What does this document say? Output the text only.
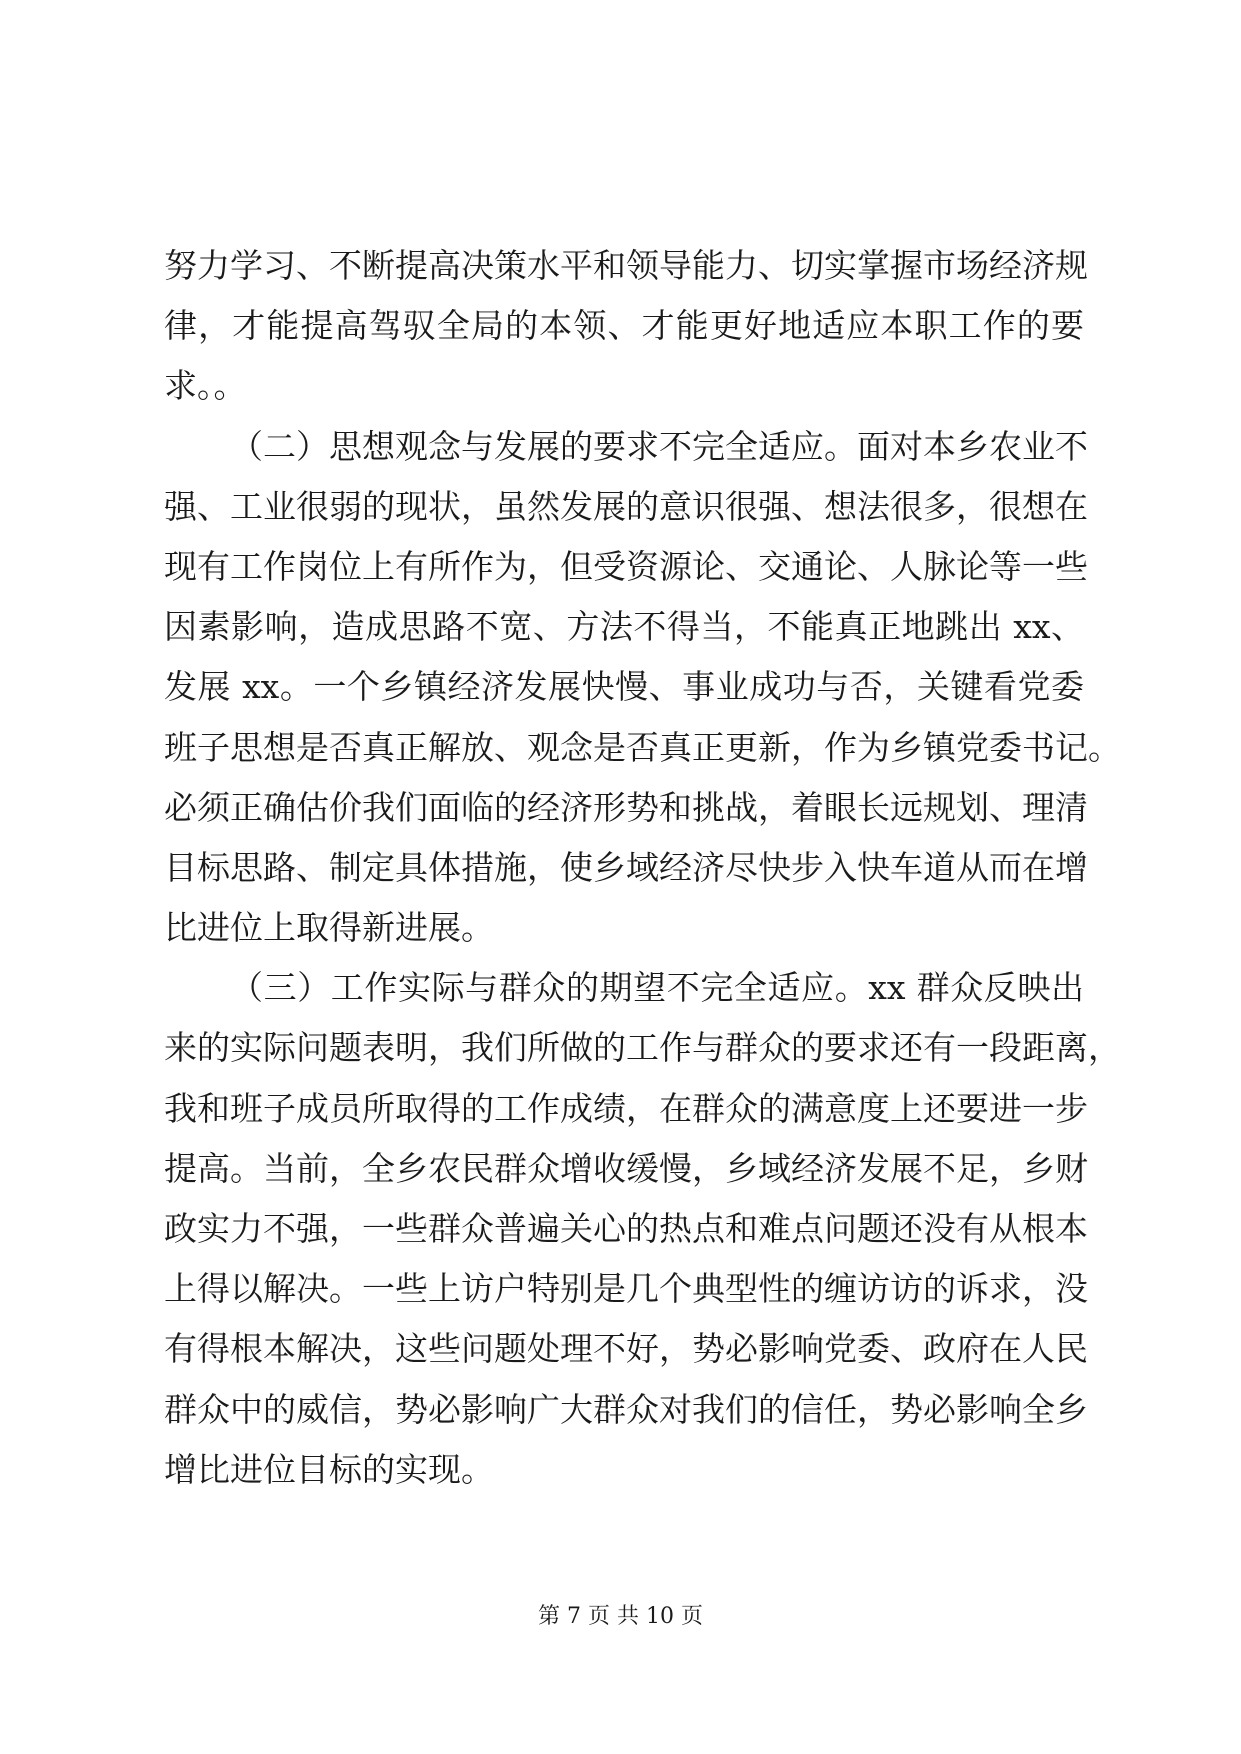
努力学习、不断提高决策水平和领导能力、切实掌握市场经济规
律，才能提高驾驭全局的本领、才能更好地适应本职工作的要
求。。
（二）思想观念与发展的要求不完全适应。面对本乡农业不
强、工业很弱的现状，虽然发展的意识很强、想法很多，很想在
现有工作岗位上有所作为，但受资源论、交通论、人脉论等一些
因素影响，造成思路不宽、方法不得当，不能真正地跳出 xx、
发展 xx。一个乡镇经济发展快慢、事业成功与否，关键看党委
班子思想是否真正解放、观念是否真正更新，作为乡镇党委书记。
必须正确估价我们面临的经济形势和挑战，着眼长远规划、理清
目标思路、制定具体措施，使乡域经济尽快步入快车道从而在增
比进位上取得新进展。
（三）工作实际与群众的期望不完全适应。xx 群众反映出
来的实际问题表明，我们所做的工作与群众的要求还有一段距离，
我和班子成员所取得的工作成绩，在群众的满意度上还要进一步
提高。当前，全乡农民群众增收缓慢，乡域经济发展不足，乡财
政实力不强，一些群众普遍关心的热点和难点问题还没有从根本
上得以解决。一些上访户特别是几个典型性的缠访访的诉求，没
有得根本解决，这些问题处理不好，势必影响党委、政府在人民
群众中的威信，势必影响广大群众对我们的信任，势必影响全乡
增比进位目标的实现。
第 7 页 共 10 页
